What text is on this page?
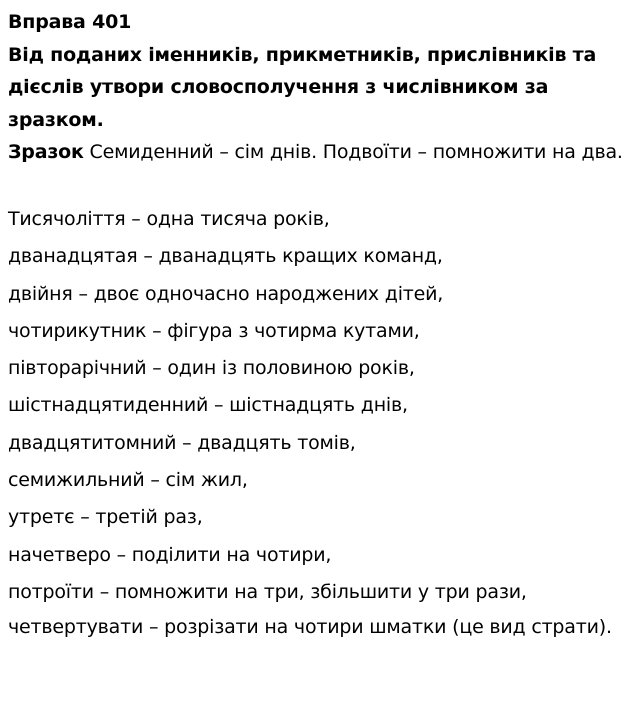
Вправа 401

Від поданих іменників, прикметників, прислівників та дієслів утвори словосполучення з числівником за зразком.

Зразок Семиденний – сім днів. Подвоїти – помножити на два.

Тисячоліття – одна тисяча років,
дванадцятая – дванадцять кращих команд,
двійня – двоє одночасно народжених дітей,
чотирикутник – фігура з чотирма кутами,
півторарічний – один із половиною років,
шістнадцятиденний – шістнадцять днів,
двадцятитомний – двадцять томів,
семижильний – сім жил,
утретє – третій раз,
начетверо – поділити на чотири,
потроїти – помножити на три, збільшити у три рази,
четвертувати – розрізати на чотири шматки (це вид страти).
